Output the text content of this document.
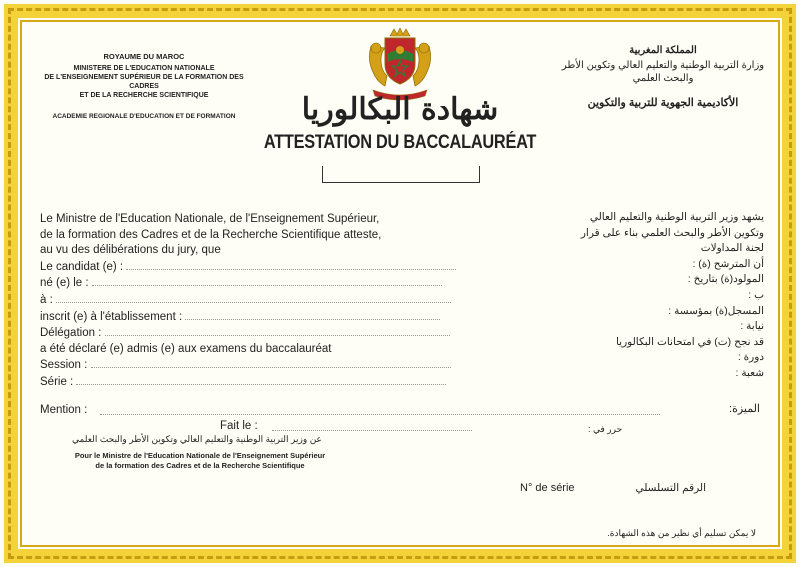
ROYAUME DU MAROC
MINISTERE DE L'EDUCATION NATIONALE
DE L'ENSEIGNEMENT SUPÉRIEUR DE LA FORMATION DES CADRES
ET DE LA RECHERCHE SCIENTIFIQUE
ACADEMIE REGIONALE D'EDUCATION ET DE FORMATION
المملكة المغربية
وزارة التربية الوطنية والتعليم العالي وتكوين الأطر
والبحث العلمي
الأكاديمية الجهوية للتربية والتكوين
شهادة البكالوريا
ATTESTATION DU BACCALAURÉAT
Le Ministre de l'Education Nationale, de l'Enseignement Supérieur,
de la formation des Cadres et de la Recherche Scientifique atteste,
au vu des délibérations du jury, que
Le candidat (e) :
né (e) le :
à :
inscrit (e) à l'établissement :
Délégation :
a été déclaré (e) admis (e) aux examens du baccalauréat
Session :
Série :
يشهد وزير التربية الوطنية والتعليم العالي
وتكوين الأطر والبحث العلمي بناء على قرار
لجنة المداولات
أن المترشح (ة) :
المولود(ة) بتاريخ :
ب :
المسجل(ة) بمؤسسة :
نيابة :
قد نجح (ت) في امتحانات البكالوريا
دورة :
شعبة :
Mention :	الميزة:
Fait le :	حرر في :
عن وزير التربية الوطنية والتعليم العالي وتكوين الأطر والبحث العلمي
Pour le Ministre de l'Education Nationale de l'Enseignement Supérieur
de la formation des Cadres et de la Recherche Scientifique
N° de série	الرقم التسلسلي
لا يمكن تسليم أي نظير من هذه الشهادة.
